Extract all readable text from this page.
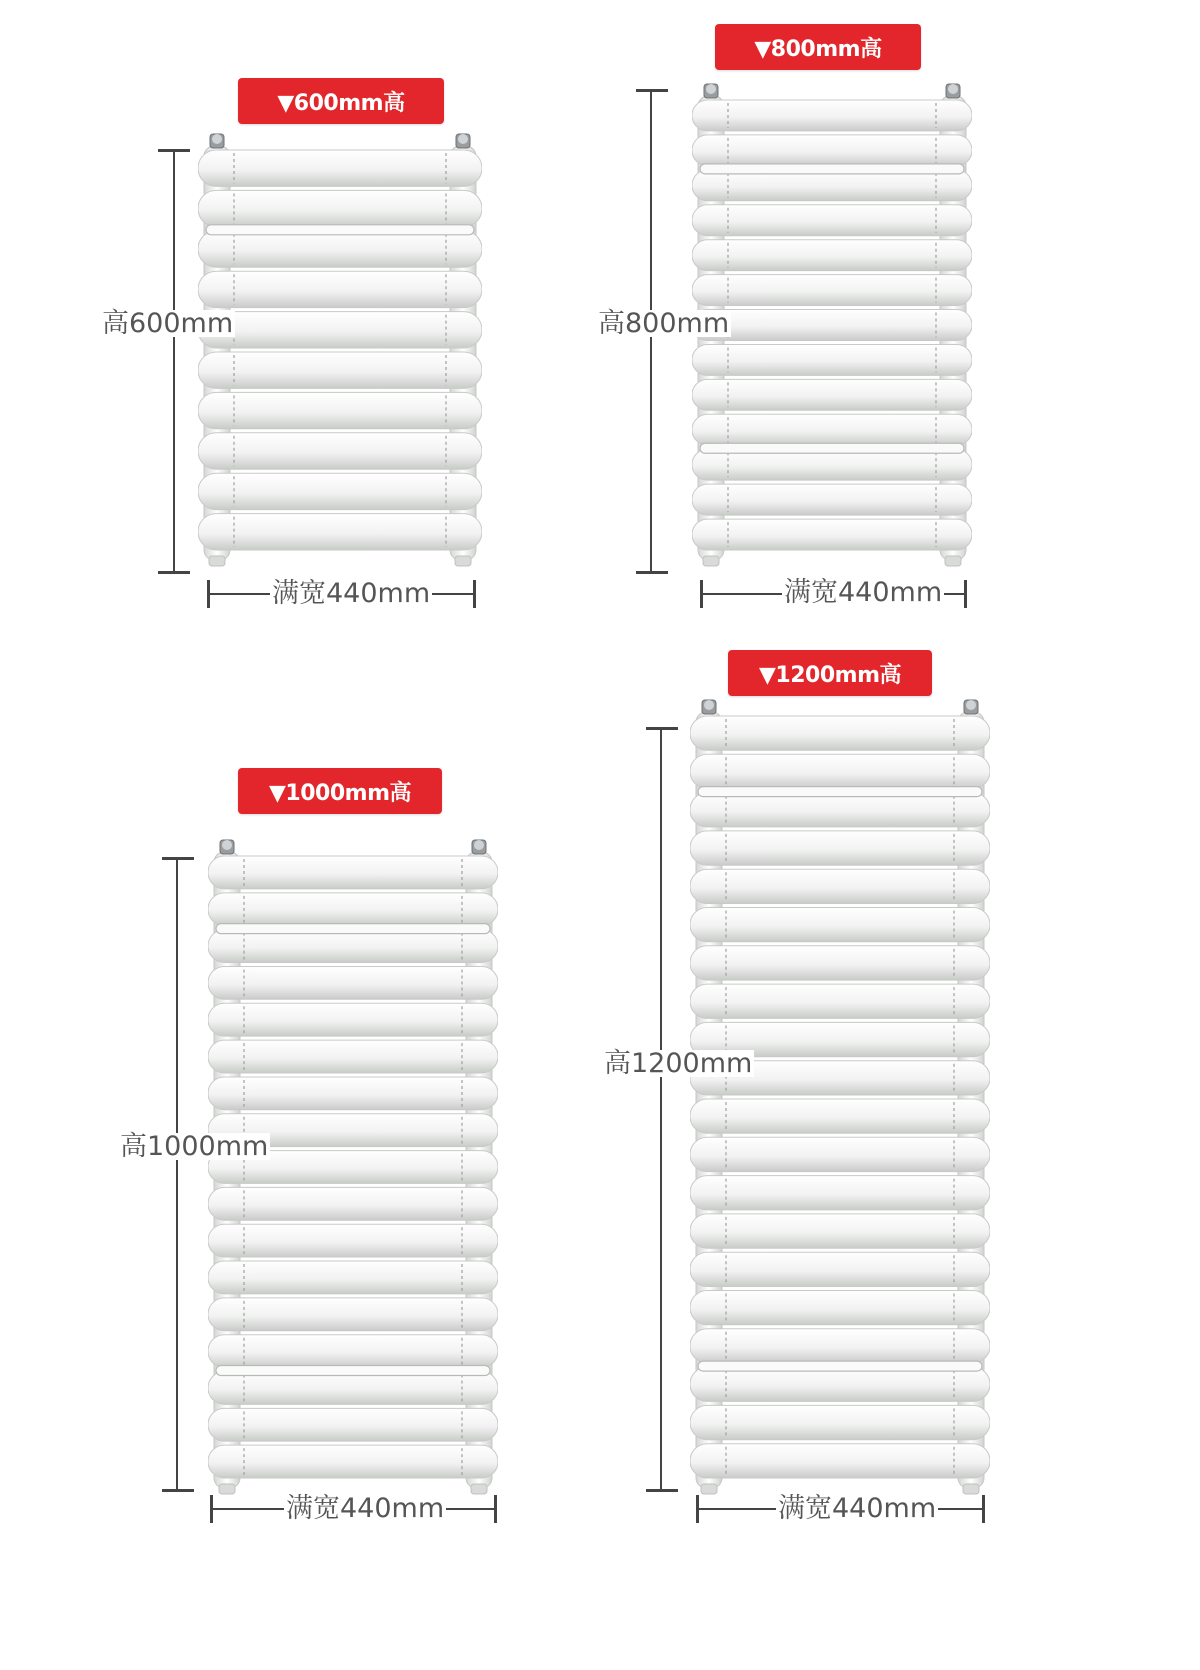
▼600mm高
高600mm
满宽440mm
▼800mm高
高800mm
满宽440mm
▼1000mm高
高1000mm
满宽440mm
▼1200mm高
高1200mm
满宽440mm
